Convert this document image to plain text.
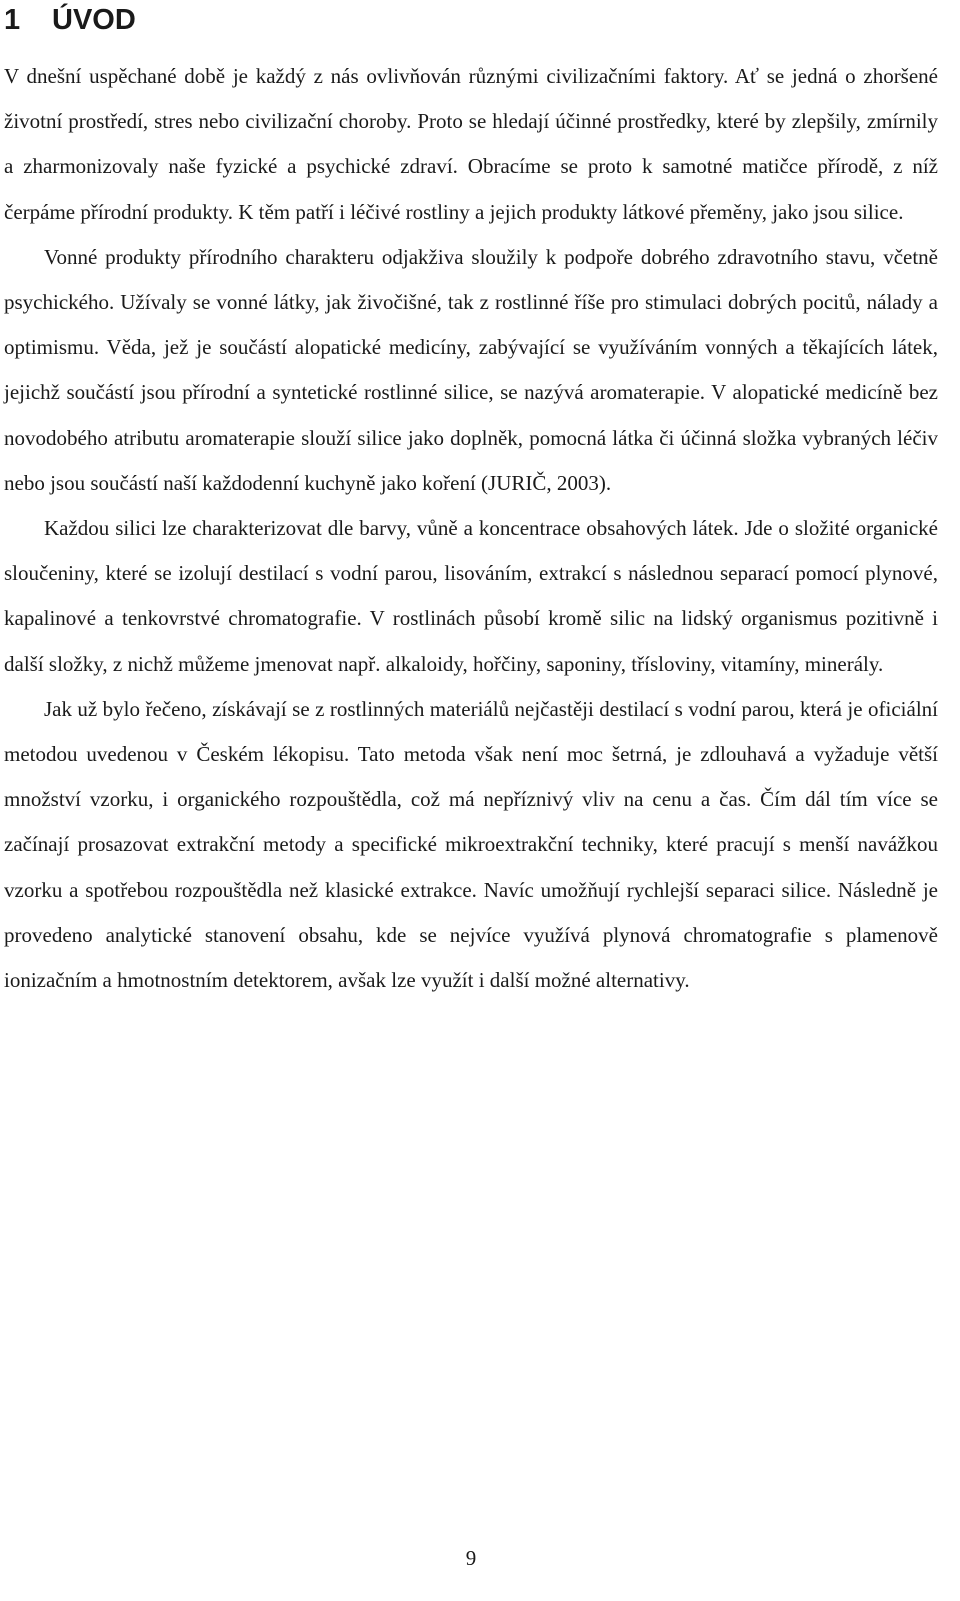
1 ÚVOD

V dnešní uspěchané době je každý z nás ovlivňován různými civilizačními faktory. Ať se jedná o zhoršené životní prostředí, stres nebo civilizační choroby. Proto se hledají účinné prostředky, které by zlepšily, zmírnily a zharmonizovaly naše fyzické a psychické zdraví. Obracíme se proto k samotné matičce přírodě, z níž čerpáme přírodní produkty. K těm patří i léčivé rostliny a jejich produkty látkové přeměny, jako jsou silice.

Vonné produkty přírodního charakteru odjakživa sloužily k podpoře dobrého zdravotního stavu, včetně psychického. Užívaly se vonné látky, jak živočišné, tak z rostlinné říše pro stimulaci dobrých pocitů, nálady a optimismu. Věda, jež je součástí alopatické medicíny, zabývající se využíváním vonných a těkajících látek, jejichž součástí jsou přírodní a syntetické rostlinné silice, se nazývá aromaterapie. V alopatické medicíně bez novodobého atributu aromaterapie slouží silice jako doplněk, pomocná látka či účinná složka vybraných léčiv nebo jsou součástí naší každodenní kuchyně jako koření (JURIČ, 2003).

Každou silici lze charakterizovat dle barvy, vůně a koncentrace obsahových látek. Jde o složité organické sloučeniny, které se izolují destilací s vodní parou, lisováním, extrakcí s následnou separací pomocí plynové, kapalinové a tenkovrstvé chromatografie. V rostlinách působí kromě silic na lidský organismus pozitivně i další složky, z nichž můžeme jmenovat např. alkaloidy, hořčiny, saponiny, třísloviny, vitamíny, minerály.

Jak už bylo řečeno, získávají se z rostlinných materiálů nejčastěji destilací s vodní parou, která je oficiální metodou uvedenou v Českém lékopisu. Tato metoda však není moc šetrná, je zdlouhavá a vyžaduje větší množství vzorku, i organického rozpouštědla, což má nepříznivý vliv na cenu a čas. Čím dál tím více se začínají prosazovat extrakční metody a specifické mikroextrakční techniky, které pracují s menší navážkou vzorku a spotřebou rozpouštědla než klasické extrakce. Navíc umožňují rychlejší separaci silice. Následně je provedeno analytické stanovení obsahu, kde se nejvíce využívá plynová chromatografie s plamenově ionizačním a hmotnostním detektorem, avšak lze využít i další možné alternativy.

9
